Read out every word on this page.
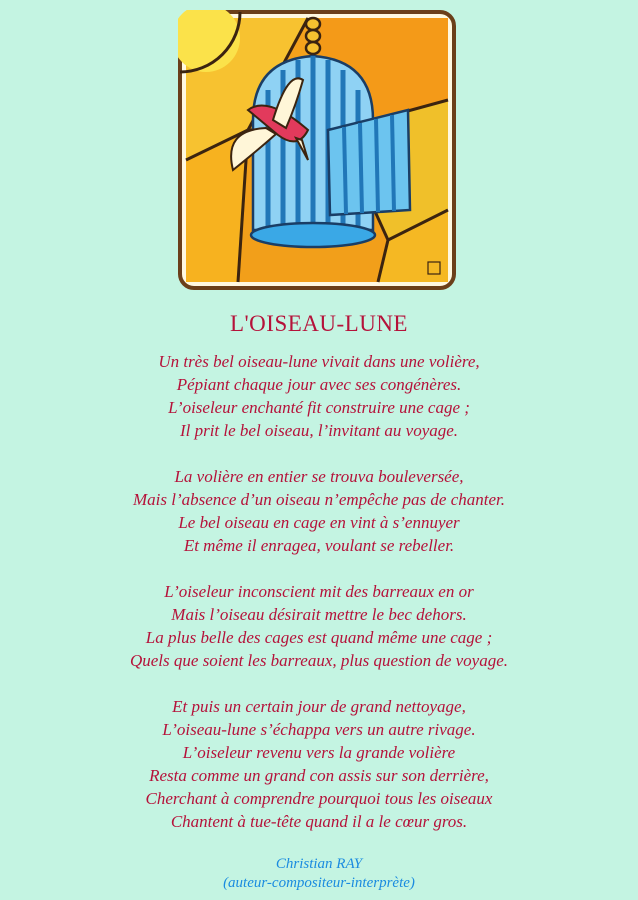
L'OISEAU-LUNE
Un très bel oiseau-lune vivait dans une volière,
Pépiant chaque jour avec ses congénères.
L’oiseleur enchanté fit construire une cage ;
Il prit le bel oiseau, l’invitant au voyage.
La volière en entier se trouva bouleversée,
Mais l’absence d’un oiseau n’empêche pas de chanter.
Le bel oiseau en cage en vint à s’ennuyer
Et même il enragea, voulant se rebeller.
L’oiseleur inconscient mit des barreaux en or
Mais l’oiseau désirait mettre le bec dehors.
La plus belle des cages est quand même une cage ;
Quels que soient les barreaux, plus question de voyage.
Et puis un certain jour de grand nettoyage,
L’oiseau-lune s’échappa vers un autre rivage.
L’oiseleur revenu vers la grande volière
Resta comme un grand con assis sur son derrière,
Cherchant à comprendre pourquoi tous les oiseaux
Chantent à tue-tête quand il a le cœur gros.
Christian RAY
(auteur-compositeur-interprète)
